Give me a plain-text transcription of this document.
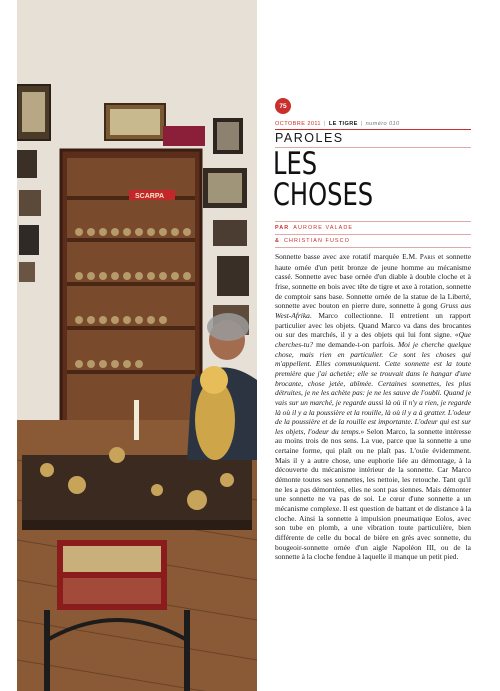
SCARPA
75
OCTOBRE 2011 | LE TIGRE | numéro 010
PAROLES
LES
CHOSES
PAR AURORE VALADE
& CHRISTIAN FUSCO

Sonnette basse avec axe rotatif marquée E.M. Paris et sonnette haute ornée d'un petit bronze de jeune homme au mécanisme cassé. Sonnette avec base ornée d'un diable à double cloche et à frise, sonnette en bois avec tête de tigre et axe à rotation, sonnette de comptoir sans base. Sonnette ornée de la statue de la Liberté, sonnette avec bouton en pierre dure, sonnette à gong Gruss aus West-Afrika. Marco collectionne. Il entretient un rapport particulier avec les objets. Quand Marco va dans des brocantes ou sur des marchés, il y a des objets qui lui font signe. «Que cherches-tu? me demande-t-on parfois. Moi je cherche quelque chose, mais rien en particulier. Ce sont les choses qui m'appellent. Elles communiquent. Cette sonnette est la toute première que j'ai achetée; elle se trouvait dans le hangar d'une brocante, chose jetée, abîmée. Certaines sonnettes, les plus détruites, je ne les achète pas: je ne les sauve de l'oubli. Quand je vais sur un marché, je regarde aussi là où il n'y a rien, je regarde là où il y a la poussière et la rouille, là où il y a à gratter. L'odeur de la poussière et de la rouille est importante. L'odeur qui est sur les objets, l'odeur du temps.» Selon Marco, la sonnette intéresse au moins trois de nos sens. La vue, parce que la sonnette a une certaine forme, qui plaît ou ne plaît pas. L'ouïe évidemment. Mais il y a autre chose, une euphorie liée au démontage, à la découverte du mécanisme intérieur de la sonnette. Car Marco démonte toutes ses sonnettes, les nettoie, les retouche. Tant qu'il ne les a pas démontées, elles ne sont pas siennes. Mais démonter une sonnette ne va pas de soi. Le cœur d'une sonnette a un mécanisme complexe. Il est question de battant et de distance à la cloche. Ainsi la sonnette à impulsion pneumatique Eolos, avec son tube en plomb, a une vibration toute particulière, bien différente de celle du bocal de bière en grès avec sonnette, du bougeoir-sonnette ornée d'un aigle Napoléon III, ou de la sonnette à la cloche fendue à laquelle il manque un petit pied.
